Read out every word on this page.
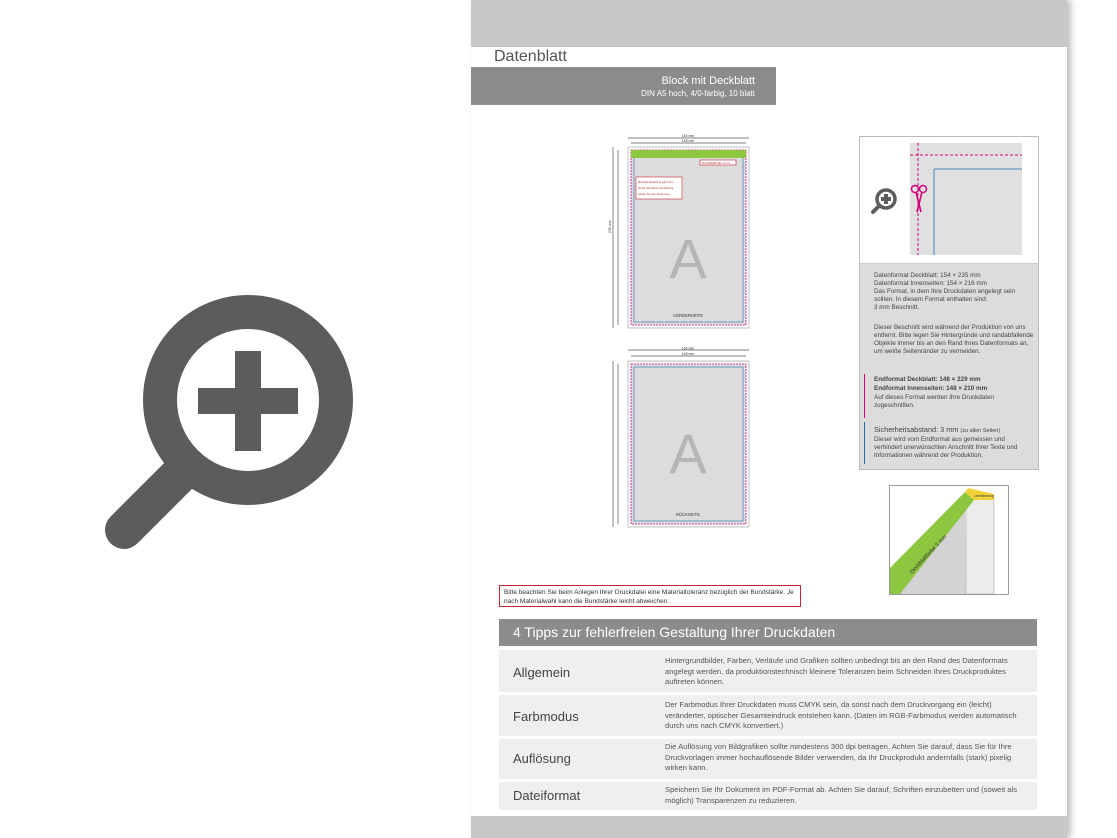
Datenblatt
Block mit Deckblatt
DIN A5 hoch, 4/0-farbig, 10 blatt
154 mm
148 mm
235 mm
Deckblattbreite 3 mm
Mit festig abdeckt (1 gilt) 5 mm
für die rekrutierte Leimbindung.
Achten Sie Ihre Tonne 1mm
A
VORDERSEITE
154 mm
148 mm
A
RÜCKSEITE
Datenformat Deckblatt: 154 × 235 mm
Datenformat Innenseiten: 154 × 216 mm
Das Format, in dem Ihre Druckdaten angelegt sein sollten. In diesem Format enthalten sind:
3 mm Beschnitt.
Dieser Beschnitt wird während der Produktion von uns entfernt. Bitte legen Sie Hintergründe und randabfallende Objekte immer bis an den Rand Ihres Datenformats an, um weiße Seitenränder zu vermeiden.
Endformat Deckblatt: 148 × 229 mm
Endformat Innenseiten: 148 × 210 mm
Auf dieses Format werden Ihre Druckdaten zugeschnitten.
Sicherheitsabstand: 3 mm (zu allen Seiten)
Dieser wird vom Endformat aus gemessen und verhindert unerwünschten Anschnitt Ihrer Texte und Informationen während der Produktion.
Deckblattfarbe 3 mm
Leimbindung
Bitte beachten Sie beim Anlegen Ihrer Druckdatei eine Materialtoleranz bezüglich der Bundstärke. Je nach Materialwahl kann die Bundstärke leicht abweichen.
4 Tipps zur fehlerfreien Gestaltung Ihrer Druckdaten
Allgemein
Hintergrundbilder, Farben, Verläufe und Grafiken sollten unbedingt bis an den Rand des Datenformats angelegt werden, da produktionstechnisch kleinere Toleranzen beim Schneiden Ihres Druckproduktes auftreten können.
Farbmodus
Der Farbmodus Ihrer Druckdaten muss CMYK sein, da sonst nach dem Druckvorgang ein (leicht) veränderter, optischer Gesamteindruck entstehen kann. (Daten im RGB-Farbmodus werden automatisch durch uns nach CMYK konvertiert.)
Auflösung
Die Auflösung von Bildgrafiken sollte mindestens 300 dpi betragen. Achten Sie darauf, dass Sie für Ihre Druckvorlagen immer hochauflösende Bilder verwenden, da Ihr Druckprodukt andernfalls (stark) pixelig wirken kann.
Dateiformat	Speichern Sie Ihr Dokument im PDF-Format ab. Achten Sie darauf, Schriften einzubetten und (soweit als möglich) Transparenzen zu reduzieren.
